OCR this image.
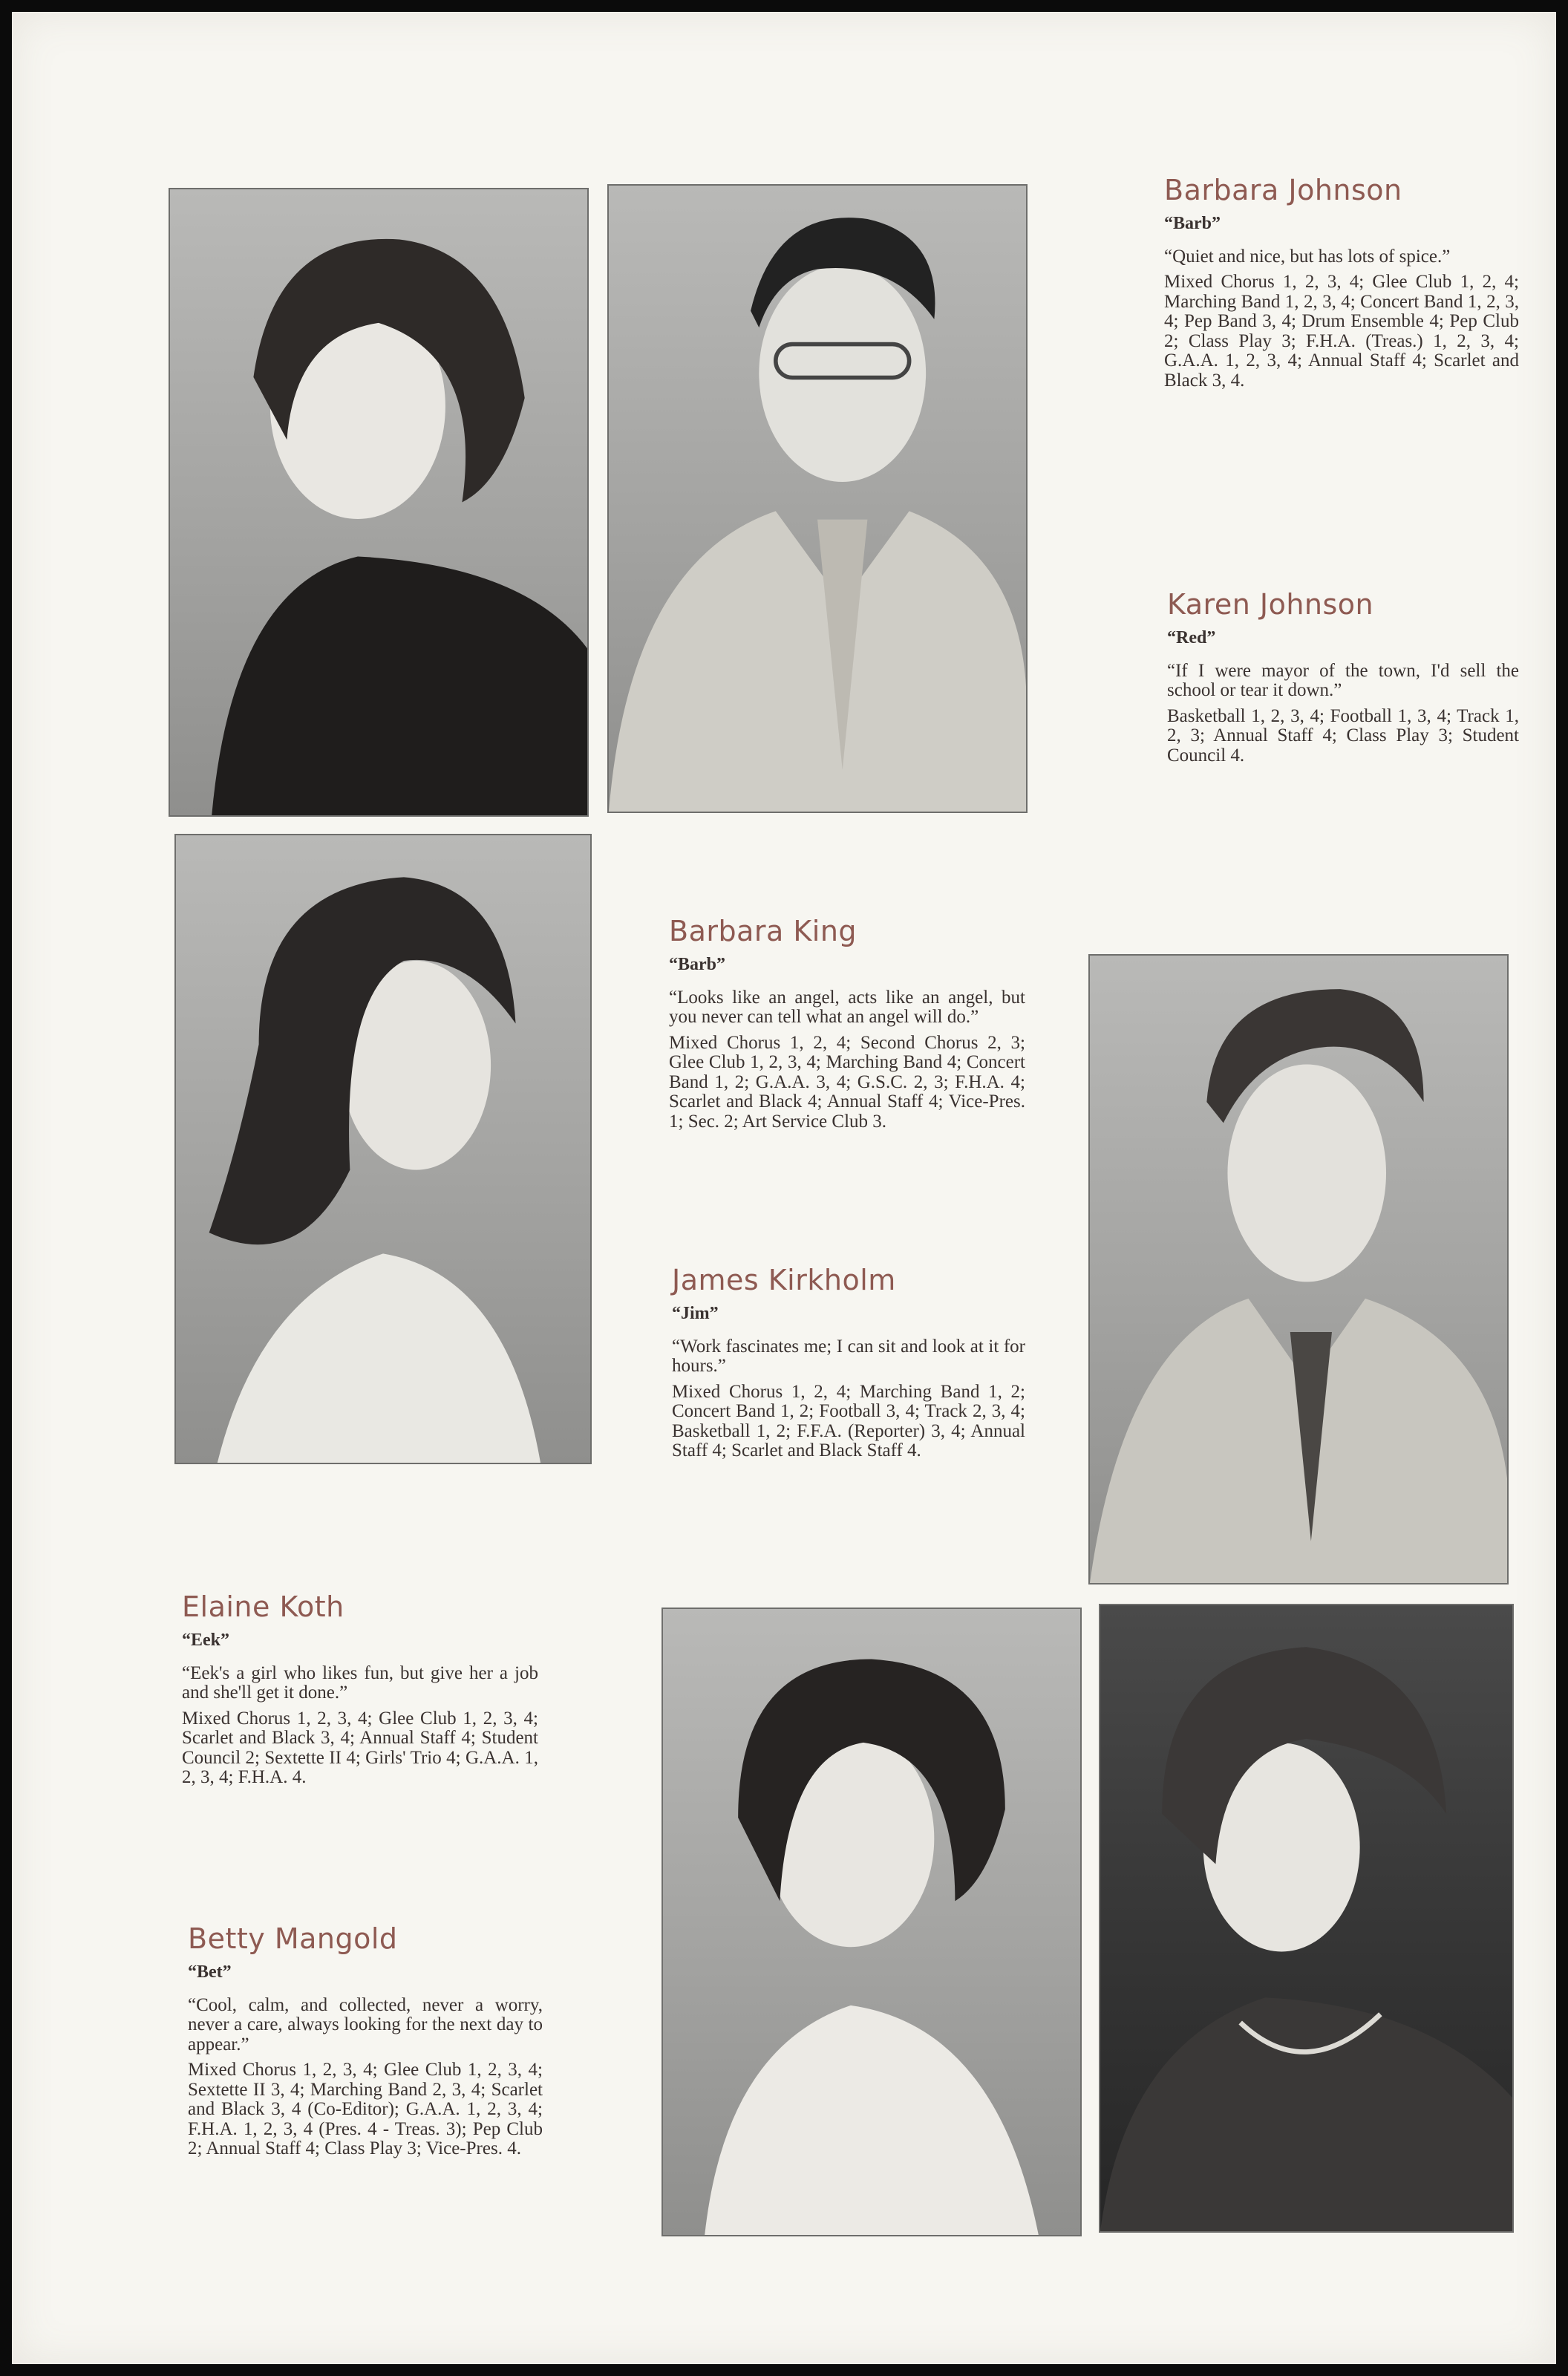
Barbara Johnson
“Barb”
“Quiet and nice, but has lots of spice.”
Mixed Chorus 1, 2, 3, 4; Glee Club 1, 2, 4; Marching Band 1, 2, 3, 4; Concert Band 1, 2, 3, 4; Pep Band 3, 4; Drum Ensemble 4; Pep Club 2; Class Play 3; F.H.A. (Treas.) 1, 2, 3, 4; G.A.A. 1, 2, 3, 4; Annual Staff 4; Scarlet and Black 3, 4.
Karen Johnson
“Red”
“If I were mayor of the town, I'd sell the school or tear it down.”
Basketball 1, 2, 3, 4; Football 1, 3, 4; Track 1, 2, 3; Annual Staff 4; Class Play 3; Student Council 4.
Barbara King
“Barb”
“Looks like an angel, acts like an angel, but you never can tell what an angel will do.”
Mixed Chorus 1, 2, 4; Second Chorus 2, 3; Glee Club 1, 2, 3, 4; Marching Band 4; Concert Band 1, 2; G.A.A. 3, 4; G.S.C. 2, 3; F.H.A. 4; Scarlet and Black 4; Annual Staff 4; Vice-Pres. 1; Sec. 2; Art Service Club 3.
James Kirkholm
“Jim”
“Work fascinates me; I can sit and look at it for hours.”
Mixed Chorus 1, 2, 4; Marching Band 1, 2; Concert Band 1, 2; Football 3, 4; Track 2, 3, 4; Basketball 1, 2; F.F.A. (Reporter) 3, 4; Annual Staff 4; Scarlet and Black Staff 4.
Elaine Koth
“Eek”
“Eek's a girl who likes fun, but give her a job and she'll get it done.”
Mixed Chorus 1, 2, 3, 4; Glee Club 1, 2, 3, 4; Scarlet and Black 3, 4; Annual Staff 4; Student Council 2; Sextette II 4; Girls' Trio 4; G.A.A. 1, 2, 3, 4; F.H.A. 4.
Betty Mangold
“Bet”
“Cool, calm, and collected, never a worry, never a care, always looking for the next day to appear.”
Mixed Chorus 1, 2, 3, 4; Glee Club 1, 2, 3, 4; Sextette II 3, 4; Marching Band 2, 3, 4; Scarlet and Black 3, 4 (Co-Editor); G.A.A. 1, 2, 3, 4; F.H.A. 1, 2, 3, 4 (Pres. 4 - Treas. 3); Pep Club 2; Annual Staff 4; Class Play 3; Vice-Pres. 4.
